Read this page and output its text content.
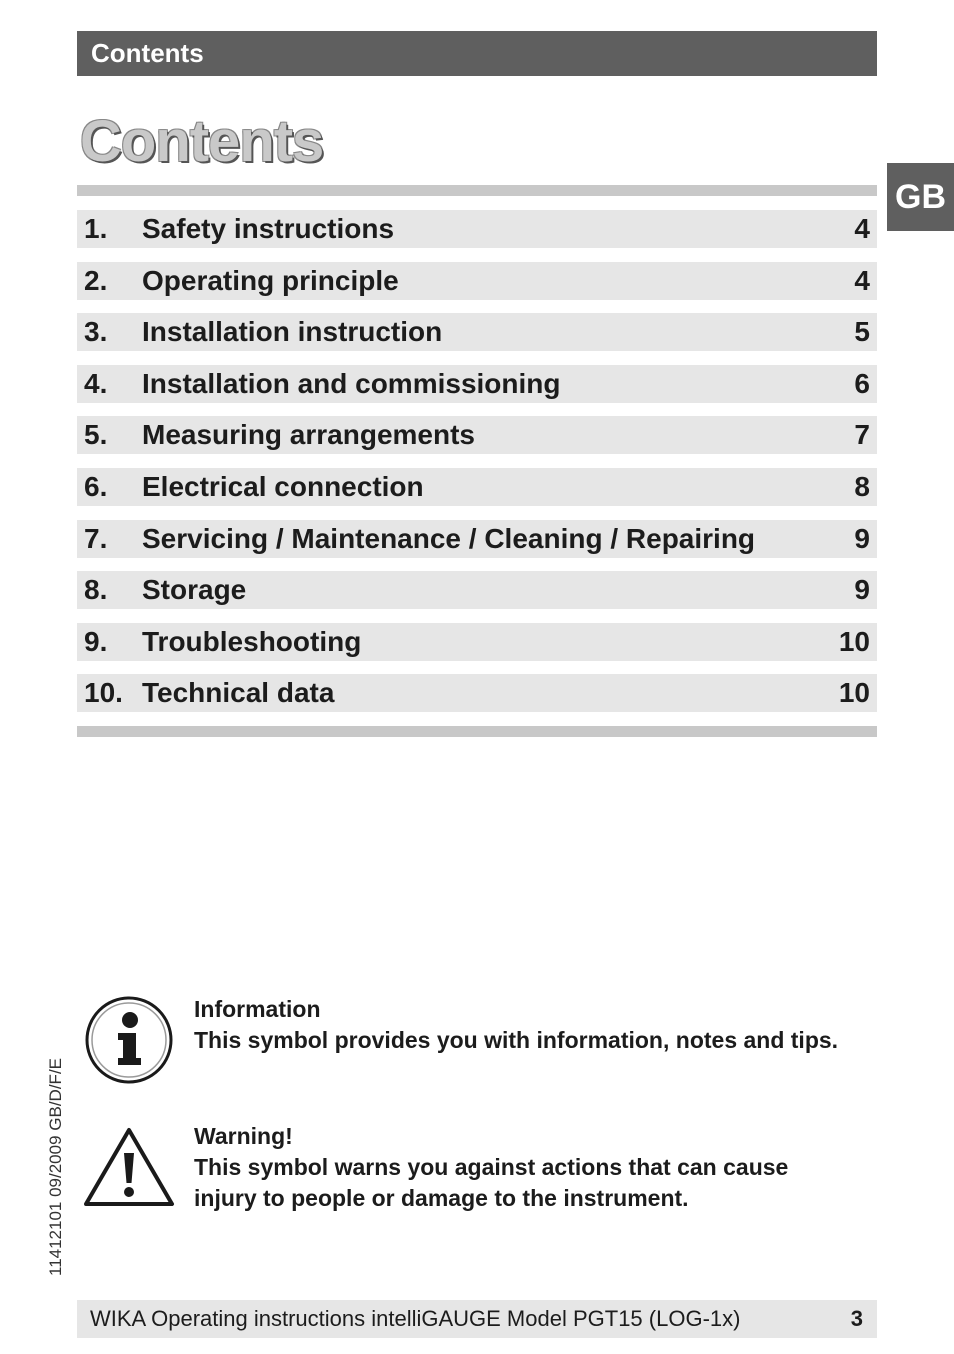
Contents
Contents
GB
1. Safety instructions	4
2. Operating principle	4
3. Installation instruction	5
4. Installation and commissioning	6
5. Measuring arrangements	7
6. Electrical connection	8
7. Servicing / Maintenance / Cleaning / Repairing	9
8. Storage	9
9. Troubleshooting	10
10. Technical data	10
11412101 09/2009 GB/D/F/E
Information
This symbol provides you with information, notes and tips.
Warning!
This symbol warns you against actions that can cause
injury to people or damage to the instrument.
WIKA Operating instructions intelliGAUGE Model PGT15 (LOG-1x)	3
